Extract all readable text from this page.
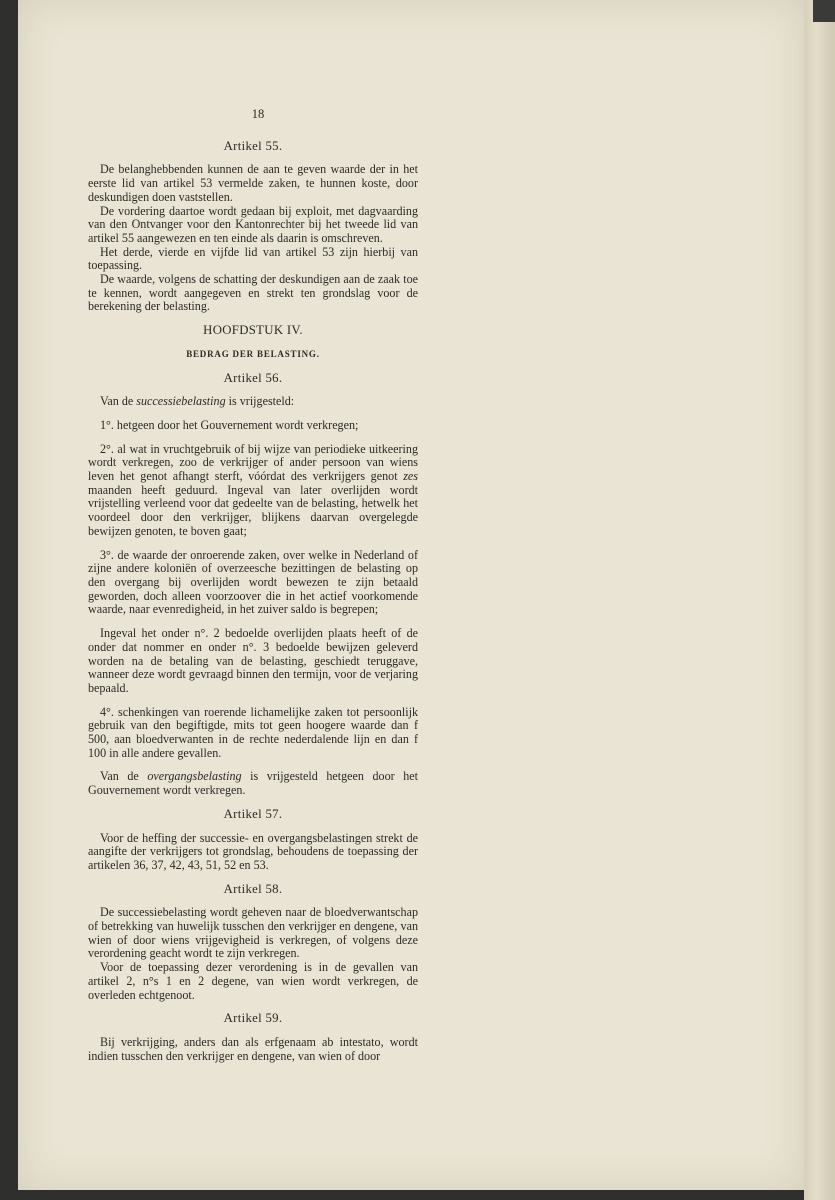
18
Artikel 55.

De belanghebbenden kunnen de aan te geven waarde der in het eerste lid van artikel 53 vermelde zaken, te hunnen koste, door deskundigen doen vaststellen.

De vordering daartoe wordt gedaan bij exploit, met dagvaarding van den Ontvanger voor den Kantonrechter bij het tweede lid van artikel 55 aangewezen en ten einde als daarin is omschreven.

Het derde, vierde en vijfde lid van artikel 53 zijn hierbij van toepassing.

De waarde, volgens de schatting der deskundigen aan de zaak toe te kennen, wordt aangegeven en strekt ten grondslag voor de berekening der belasting.

HOOFDSTUK IV.
BEDRAG DER BELASTING.
Artikel 56.

Van de successiebelasting is vrijgesteld:

1°. hetgeen door het Gouvernement wordt verkregen;

2°. al wat in vruchtgebruik of bij wijze van periodieke uitkeering wordt verkregen, zoo de verkrijger of ander persoon van wiens leven het genot afhangt sterft, vóórdat des verkrijgers genot zes maanden heeft geduurd. Ingeval van later overlijden wordt vrijstelling verleend voor dat gedeelte van de belasting, hetwelk het voordeel door den verkrijger, blijkens daarvan overgelegde bewijzen genoten, te boven gaat;

3°. de waarde der onroerende zaken, over welke in Nederland of zijne andere koloniën of overzeesche bezittingen de belasting op den overgang bij overlijden wordt bewezen te zijn betaald geworden, doch alleen voorzoover die in het actief voorkomende waarde, naar evenredigheid, in het zuiver saldo is begrepen;

Ingeval het onder n°. 2 bedoelde overlijden plaats heeft of de onder dat nommer en onder n°. 3 bedoelde bewijzen geleverd worden na de betaling van de belasting, geschiedt teruggave, wanneer deze wordt gevraagd binnen den termijn, voor de verjaring bepaald.

4°. schenkingen van roerende lichamelijke zaken tot persoonlijk gebruik van den begiftigde, mits tot geen hoogere waarde dan f 500, aan bloedverwanten in de rechte nederdalende lijn en dan f 100 in alle andere gevallen.

Van de overgangsbelasting is vrijgesteld hetgeen door het Gouvernement wordt verkregen.

Artikel 57.

Voor de heffing der successie- en overgangsbelastingen strekt de aangifte der verkrijgers tot grondslag, behoudens de toepassing der artikelen 36, 37, 42, 43, 51, 52 en 53.

Artikel 58.

De successiebelasting wordt geheven naar de bloedverwantschap of betrekking van huwelijk tusschen den verkrijger en dengene, van wien of door wiens vrijgevigheid is verkregen, of volgens deze verordening geacht wordt te zijn verkregen.

Voor de toepassing dezer verordening is in de gevallen van artikel 2, n°s 1 en 2 degene, van wien wordt verkregen, de overleden echtgenoot.

Artikel 59.

Bij verkrijging, anders dan als erfgenaam ab intestato, wordt indien tusschen den verkrijger en dengene, van wien of door
